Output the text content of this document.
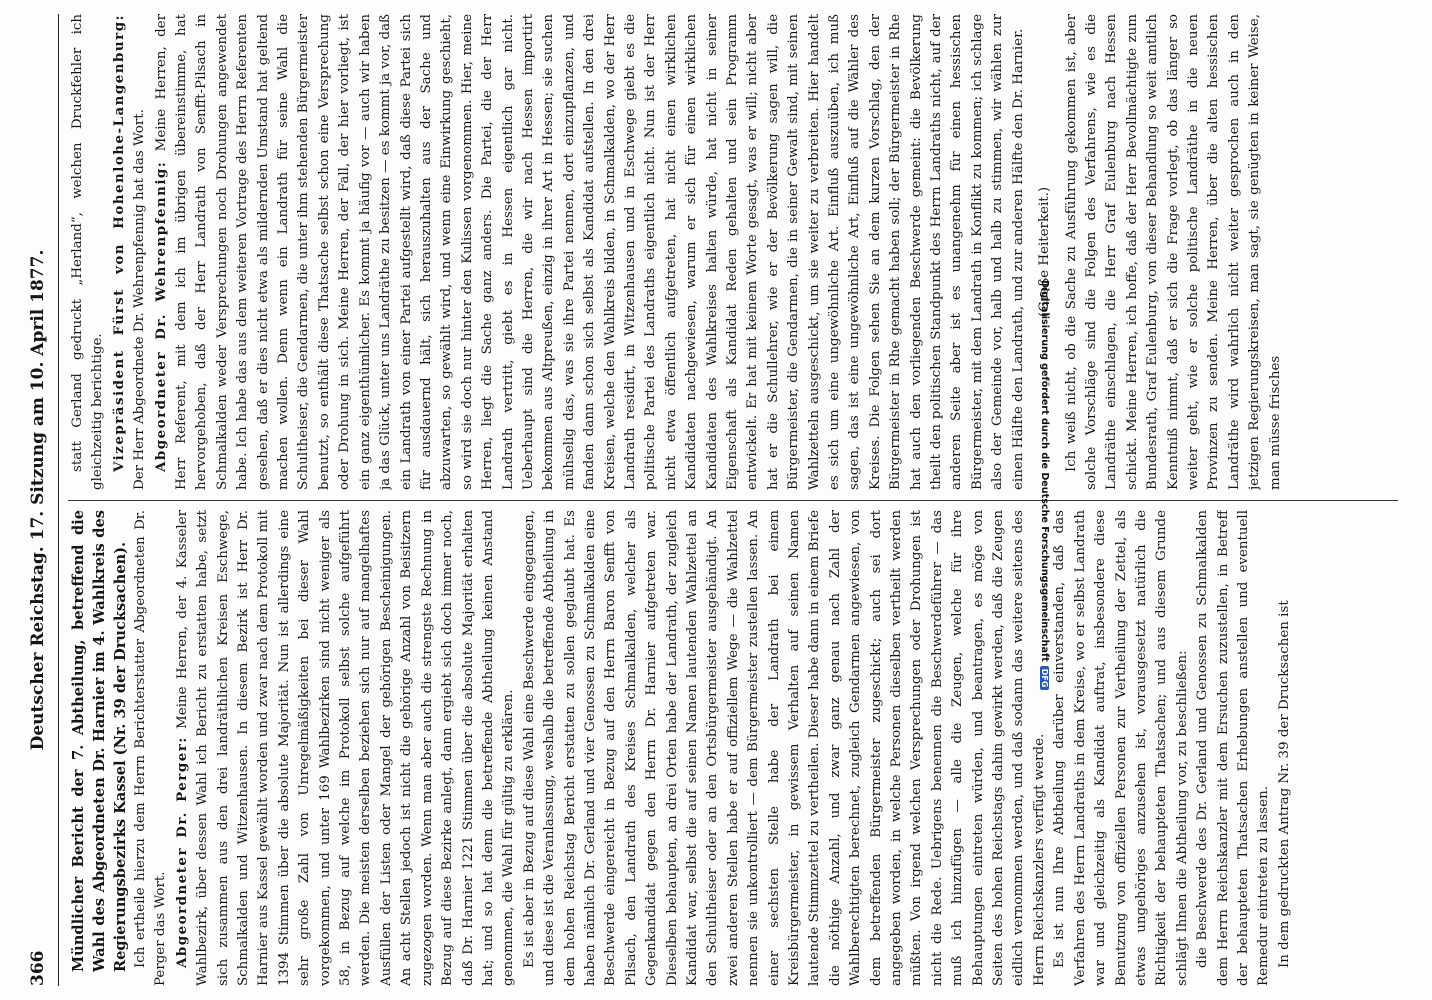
366
Deutscher Reichstag. 17. Sitzung am 10. April 1877. Mündlicher Bericht der 7. Abtheilung, betreffend die Wahl des Abgeordneten Dr. Harnier im 4. Wahlkreis des Regierungsbezirks Kassel (Nr. 39 der Drucksachen). Ich ertheile hierzu dem Herrn Berichterstatter Abgeordneten Dr. Perger das Wort. Abgeordneter Dr. Perger: Meine Herren, der 4. Kasseler Wahlbezirk, über dessen Wahl ich Bericht zu erstatten habe, setzt sich zusammen aus den drei landräthlichen Kreisen Eschwege, Schmalkalden und Witzenhausen. In diesem Bezirk ist Herr Dr. Harnier aus Kassel gewählt worden und zwar nach dem Protokoll mit 1394 Stimmen über die absolute Majorität. Nun ist allerdings eine sehr große Zahl von Unregelmäßigkeiten bei dieser Wahl vorgekommen, und unter 169 Wahlbezirken sind nicht weniger als 58, in Bezug auf welche im Protokoll selbst solche aufgeführt werden. Die meisten derselben beziehen sich nur auf mangelhaftes Ausfüllen der Listen oder Mangel der gehörigen Bescheinigungen. An acht Stellen jedoch ist nicht die gehörige Anzahl von Beisitzern zugezogen worden. Wenn man aber auch die strengste Rechnung in Bezug auf diese Bezirke anlegt, dann ergiebt sich doch immer noch, daß Dr. Harnier 1221 Stimmen über die absolute Majorität erhalten hat; und so hat denn die betreffende Abtheilung keinen Anstand genommen, die Wahl für gültig zu erklären. Es ist aber in Bezug auf diese Wahl eine Beschwerde eingegangen, und diese ist die Veranlassung, weshalb die betreffende Abtheilung in dem hohen Reichstag Bericht erstatten zu sollen geglaubt hat. Es haben nämlich Dr. Gerland und vier Genossen zu Schmalkalden eine Beschwerde eingereicht in Bezug auf den Herrn Baron Senfft von Pilsach, den Landrath des Kreises Schmalkalden, welcher als Gegenkandidat gegen den Herrn Dr. Harnier aufgetreten war. Dieselben behaupten, an drei Orten habe der Landrath, der zugleich Kandidat war, selbst die auf seinen Namen lautenden Wahlzettel an den Schultheiser oder an den Ortsbürgermeister ausgehändigt. An zwei anderen Stellen habe er auf offiziellem Wege — die Wahlzettel nennen sie unkontrolliert — dem Bürgermeister zustellen lassen. An einer sechsten Stelle habe der Landrath bei einem Kreisbürgermeister, in gewissem Verhalten auf seinen Namen lautende Stimmzettel zu vertheilen. Dieser habe dann in einem Briefe die nöthige Anzahl, und zwar ganz genau nach Zahl der Wahlberechtigten berechnet, zugleich Gendarmen angewiesen, von dem betreffenden Bürgermeister zugeschickt; auch sei dort angegeben worden, in welche Personen dieselben vertheilt werden müßten. Von irgend welchen Versprechungen oder Drohungen ist nicht die Rede. Uebrigens benennen die Beschwerdeführer — das muß ich hinzufügen — alle die Zeugen, welche für ihre Behauptungen eintreten würden, und beantragen, es möge von Seiten des hohen Reichstags dahin gewirkt werden, daß die Zeugen eidlich vernommen werden, und daß sodann das weitere seitens des Herrn Reichskanzlers verfügt werde. Es ist nun Ihre Abtheilung darüber einverstanden, daß das Verfahren des Herrn Landraths in dem Kreise, wo er selbst Landrath war und gleichzeitig als Kandidat auftrat, insbesondere diese Benutzung von offiziellen Personen zur Vertheilung der Zettel, als etwas ungehöriges anzusehen ist, vorausgesetzt natürlich die Richtigkeit der behaupteten Thatsachen; und aus diesem Grunde schlägt Ihnen die Abtheilung vor, zu beschließen: die Beschwerde des Dr. Gerland und Genossen zu Schmalkalden dem Herrn Reichskanzler mit dem Ersuchen zuzustellen, in Betreff der behaupteten Thatsachen Erhebungen anstellen und eventuell Remedur eintreten zu lassen. In dem gedruckten Antrag Nr. 39 der Drucksachen ist

statt Gerland gedruckt „Herland“, welchen Druckfehler ich gleichzeitig berichtige. Vizepräsident Fürst von Hohenlohe-Langenburg: Der Herr Abgeordnete Dr. Wehrenpfennig hat das Wort. Abgeordneter Dr. Wehrenpfennig: Meine Herren, der Herr Referent, mit dem ich im übrigen übereinstimme, hat hervorgehoben, daß der Herr Landrath von Senfft-Pilsach in Schmalkalden weder Versprechungen noch Drohungen angewendet habe. Ich habe das aus dem weiteren Vortrage des Herrn Referenten gesehen, daß er dies nicht etwa als mildernden Umstand hat geltend machen wollen. Denn wenn ein Landrath für seine Wahl die Schultheiser, die Gendarmen, die unter ihm stehenden Bürgermeister benutzt, so enthält diese Thatsache selbst schon eine Versprechung oder Drohung in sich. Meine Herren, der Fall, der hier vorliegt, ist ein ganz eigenthümlicher. Es kommt ja häufig vor — auch wir haben ja das Glück, unter uns Landräthe zu besitzen — es kommt ja vor, daß ein Landrath von einer Partei aufgestellt wird, daß diese Partei sich für ausdauernd hält, sich herauszuhalten aus der Sache und abzuwarten, so gewählt wird, und wenn eine Einwirkung geschieht, so wird sie doch nur hinter den Kulissen vorgenommen. Hier, meine Herren, liegt die Sache ganz anders. Die Partei, die der Herr Landrath vertritt, giebt es in Hessen eigentlich gar nicht. Ueberhaupt sind die Herren, die wir nach Hessen importirt bekommen aus Altpreußen, einzig in ihrer Art in Hessen; sie suchen mühselig das, was sie ihre Partei nennen, dort einzupflanzen, und fanden dann schon sich selbst als Kandidat aufstellen. In den drei Kreisen, welche den Wahlkreis bilden, in Schmalkalden, wo der Herr Landrath residirt, in Witzenhausen und in Eschwege giebt es die politische Partei des Landraths eigentlich nicht. Nun ist der Herr nicht etwa öffentlich aufgetreten, hat nicht einen wirklichen Kandidaten nachgewiesen, warum er sich für einen wirklichen Kandidaten des Wahlkreises halten würde, hat nicht in seiner Eigenschaft als Kandidat Reden gehalten und sein Programm entwickelt. Er hat mit keinem Worte gesagt, was er will; nicht aber hat er die Schullehrer, wie er der Bevölkerung sagen will, die Bürgermeister, die Gendarmen, die in seiner Gewalt sind, mit seinen Wahlzetteln ausgeschickt, um sie weiter zu verbreiten. Hier handelt es sich um eine ungewöhnliche Art. Einfluß auszuüben, ich muß sagen, das ist eine ungewöhnliche Art, Einfluß auf die Wähler des Kreises. Die Folgen sehen Sie an dem kurzen Vorschlag, den der Bürgermeister in Rhe gemacht haben soll; der Bürgermeister in Rhe hat auch den vorliegenden Beschwerde gemeint: die Bevölkerung theilt den politischen Standpunkt des Herrn Landraths nicht, auf der anderen Seite aber ist es unangenehm für einen hessischen Bürgermeister, mit dem Landrath in Konflikt zu kommen; ich schlage also der Gemeinde vor, halb und halb zu stimmen, wir wählen zur einen Hälfte den Landrath, und zur anderen Hälfte den Dr. Harnier. (Große Heiterkeit.) Ich weiß nicht, ob die Sache zu Ausführung gekommen ist, aber solche Vorschläge sind die Folgen des Verfahrens, wie es die Landräthe einschlagen, die Herr Graf Eulenburg nach Hessen schickt. Meine Herren, ich hoffe, daß der Herr Bevollmächtigte zum Bundesrath, Graf Eulenburg, von dieser Behandlung so weit amtlich Kenntniß nimmt, daß er sich die Frage vorlegt, ob das länger so weiter geht, wie er solche politische Landräthe in die neuen Provinzen zu senden. Meine Herren, über die alten hessischen Landräthe wird wahrlich nicht weiter gesprochen auch in den jetzigen Regierungskreisen, man sagt, sie genügten in keiner Weise, man müsse frisches

Digitalisierung gefördert durch die Deutsche ForschungsgemeinschaftDFG
